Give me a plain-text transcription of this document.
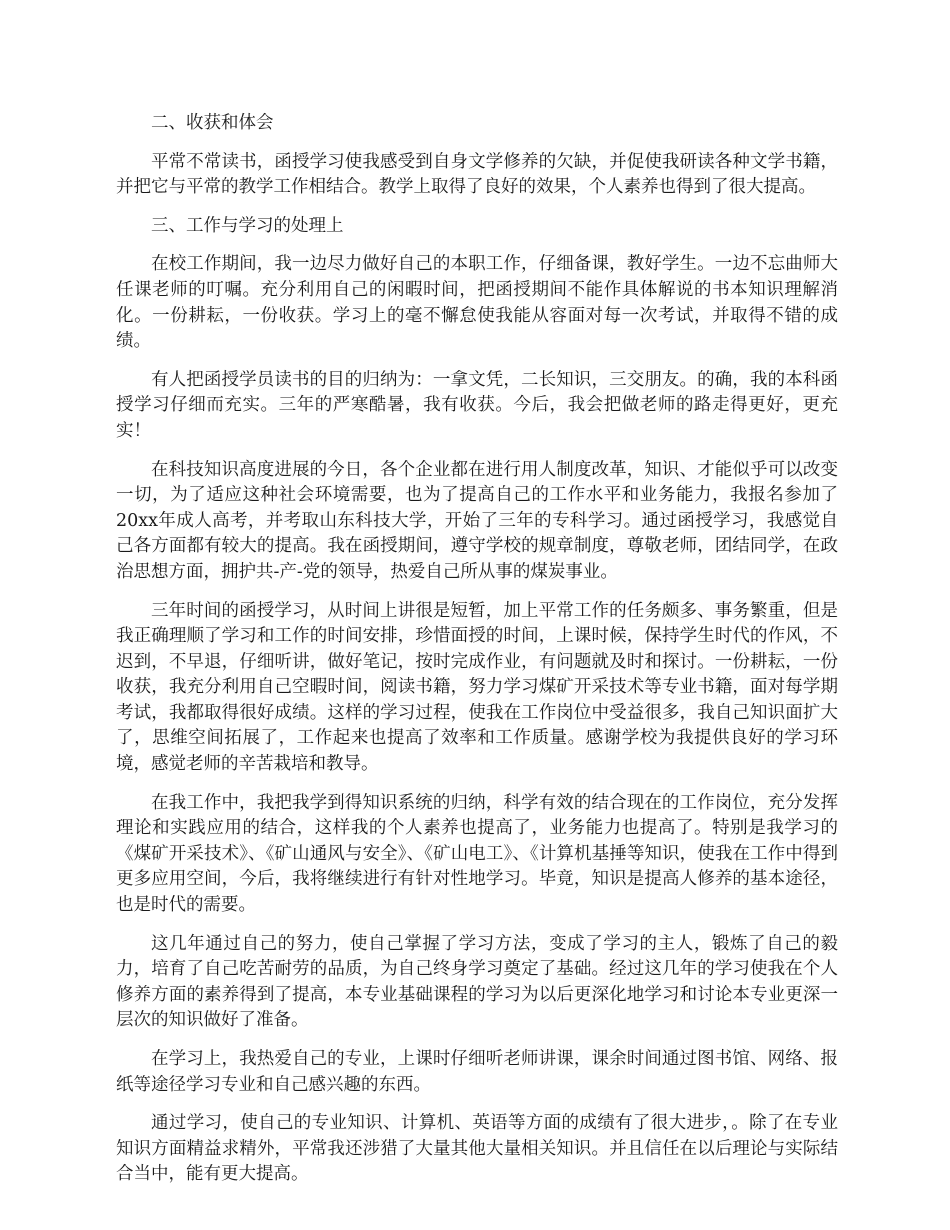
二、收获和体会

平常不常读书，函授学习使我感受到自身文学修养的欠缺，并促使我研读各种文学书籍，并把它与平常的教学工作相结合。教学上取得了良好的效果，个人素养也得到了很大提高。

三、工作与学习的处理上

在校工作期间，我一边尽力做好自己的本职工作，仔细备课，教好学生。一边不忘曲师大任课老师的叮嘱。充分利用自己的闲暇时间，把函授期间不能作具体解说的书本知识理解消化。一份耕耘，一份收获。学习上的毫不懈怠使我能从容面对每一次考试，并取得不错的成绩。

有人把函授学员读书的目的归纳为：一拿文凭，二长知识，三交朋友。的确，我的本科函授学习仔细而充实。三年的严寒酷暑，我有收获。今后，我会把做老师的路走得更好，更充实！

在科技知识高度进展的今日，各个企业都在进行用人制度改革，知识、才能似乎可以改变一切，为了适应这种社会环境需要，也为了提高自己的工作水平和业务能力，我报名参加了20xx年成人高考，并考取山东科技大学，开始了三年的专科学习。通过函授学习，我感觉自己各方面都有较大的提高。我在函授期间，遵守学校的规章制度，尊敬老师，团结同学，在政治思想方面，拥护共-产-党的领导，热爱自己所从事的煤炭事业。

三年时间的函授学习，从时间上讲很是短暂，加上平常工作的任务颇多、事务繁重，但是我正确理顺了学习和工作的时间安排，珍惜面授的时间，上课时候，保持学生时代的作风，不迟到，不早退，仔细听讲，做好笔记，按时完成作业，有问题就及时和探讨。一份耕耘，一份收获，我充分利用自己空暇时间，阅读书籍，努力学习煤矿开采技术等专业书籍，面对每学期考试，我都取得很好成绩。这样的学习过程，使我在工作岗位中受益很多，我自己知识面扩大了，思维空间拓展了，工作起来也提高了效率和工作质量。感谢学校为我提供良好的学习环境，感觉老师的辛苦栽培和教导。

在我工作中，我把我学到得知识系统的归纳，科学有效的结合现在的工作岗位，充分发挥理论和实践应用的结合，这样我的个人素养也提高了，业务能力也提高了。特别是我学习的《煤矿开采技术》、《矿山通风与安全》、《矿山电工》、《计算机基捶等知识，使我在工作中得到更多应用空间，今后，我将继续进行有针对性地学习。毕竟，知识是提高人修养的基本途径，也是时代的需要。

这几年通过自己的努力，使自己掌握了学习方法，变成了学习的主人，锻炼了自己的毅力，培育了自己吃苦耐劳的品质，为自己终身学习奠定了基础。经过这几年的学习使我在个人修养方面的素养得到了提高，本专业基础课程的学习为以后更深化地学习和讨论本专业更深一层次的知识做好了准备。

在学习上，我热爱自己的专业，上课时仔细听老师讲课，课余时间通过图书馆、网络、报纸等途径学习专业和自己感兴趣的东西。

通过学习，使自己的专业知识、计算机、英语等方面的成绩有了很大进步，。除了在专业知识方面精益求精外，平常我还涉猎了大量其他大量相关知识。并且信任在以后理论与实际结合当中，能有更大提高。
